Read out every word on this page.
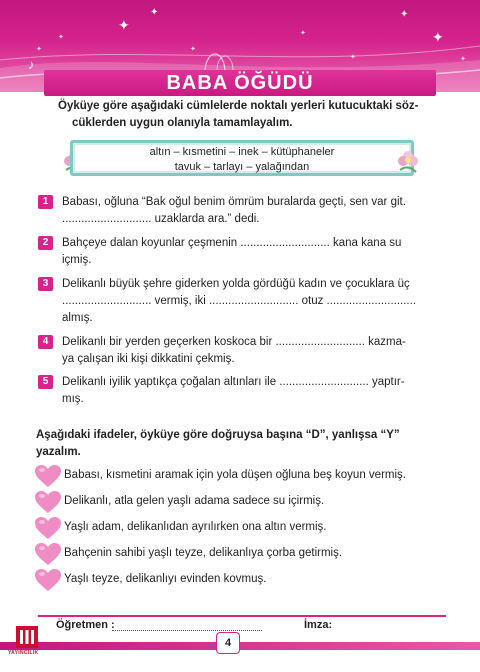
✦
✦
✦
✦
♪
✦
✦
✦
✦	✦
✦
BABA ÖĞÜDÜ
Öyküye göre aşağıdaki cümlelerde noktalı yerleri kutucuktaki söz-
cüklerden uygun olanıyla tamamlayalım.
altın – kısmetini – inek – kütüphaneler
tavuk – tarlayı – yalağından
1	Babası, oğluna “Bak oğul benim ömrüm buralarda geçti, sen var git.
............................ uzaklarda ara.” dedi.
2	Bahçeye dalan koyunlar çeşmenin ............................ kana kana su
içmiş.
3	Delikanlı büyük şehre giderken yolda gördüğü kadın ve çocuklara üç
............................ vermiş, iki ............................ otuz ............................
almış.
4	Delikanlı bir yerden geçerken koskoca bir ............................ kazma-
ya çalışan iki kişi dikkatini çekmiş.
5	Delikanlı iyilik yaptıkça çoğalan altınları ile ............................ yaptır-
mış.
Aşağıdaki ifadeler, öyküye göre doğruysa başına “D”, yanlışsa “Y”
yazalım.
Babası, kısmetini aramak için yola düşen oğluna beş koyun vermiş.
Delikanlı, atla gelen yaşlı adama sadece su içirmiş.
Yaşlı adam, delikanlıdan ayrılırken ona altın vermiş.
Bahçenin sahibi yaşlı teyze, delikanlıya çorba getirmiş.
Yaşlı teyze, delikanlıyı evinden kovmuş.
Öğretmen :	İmza:
4
YAYINCILIK
